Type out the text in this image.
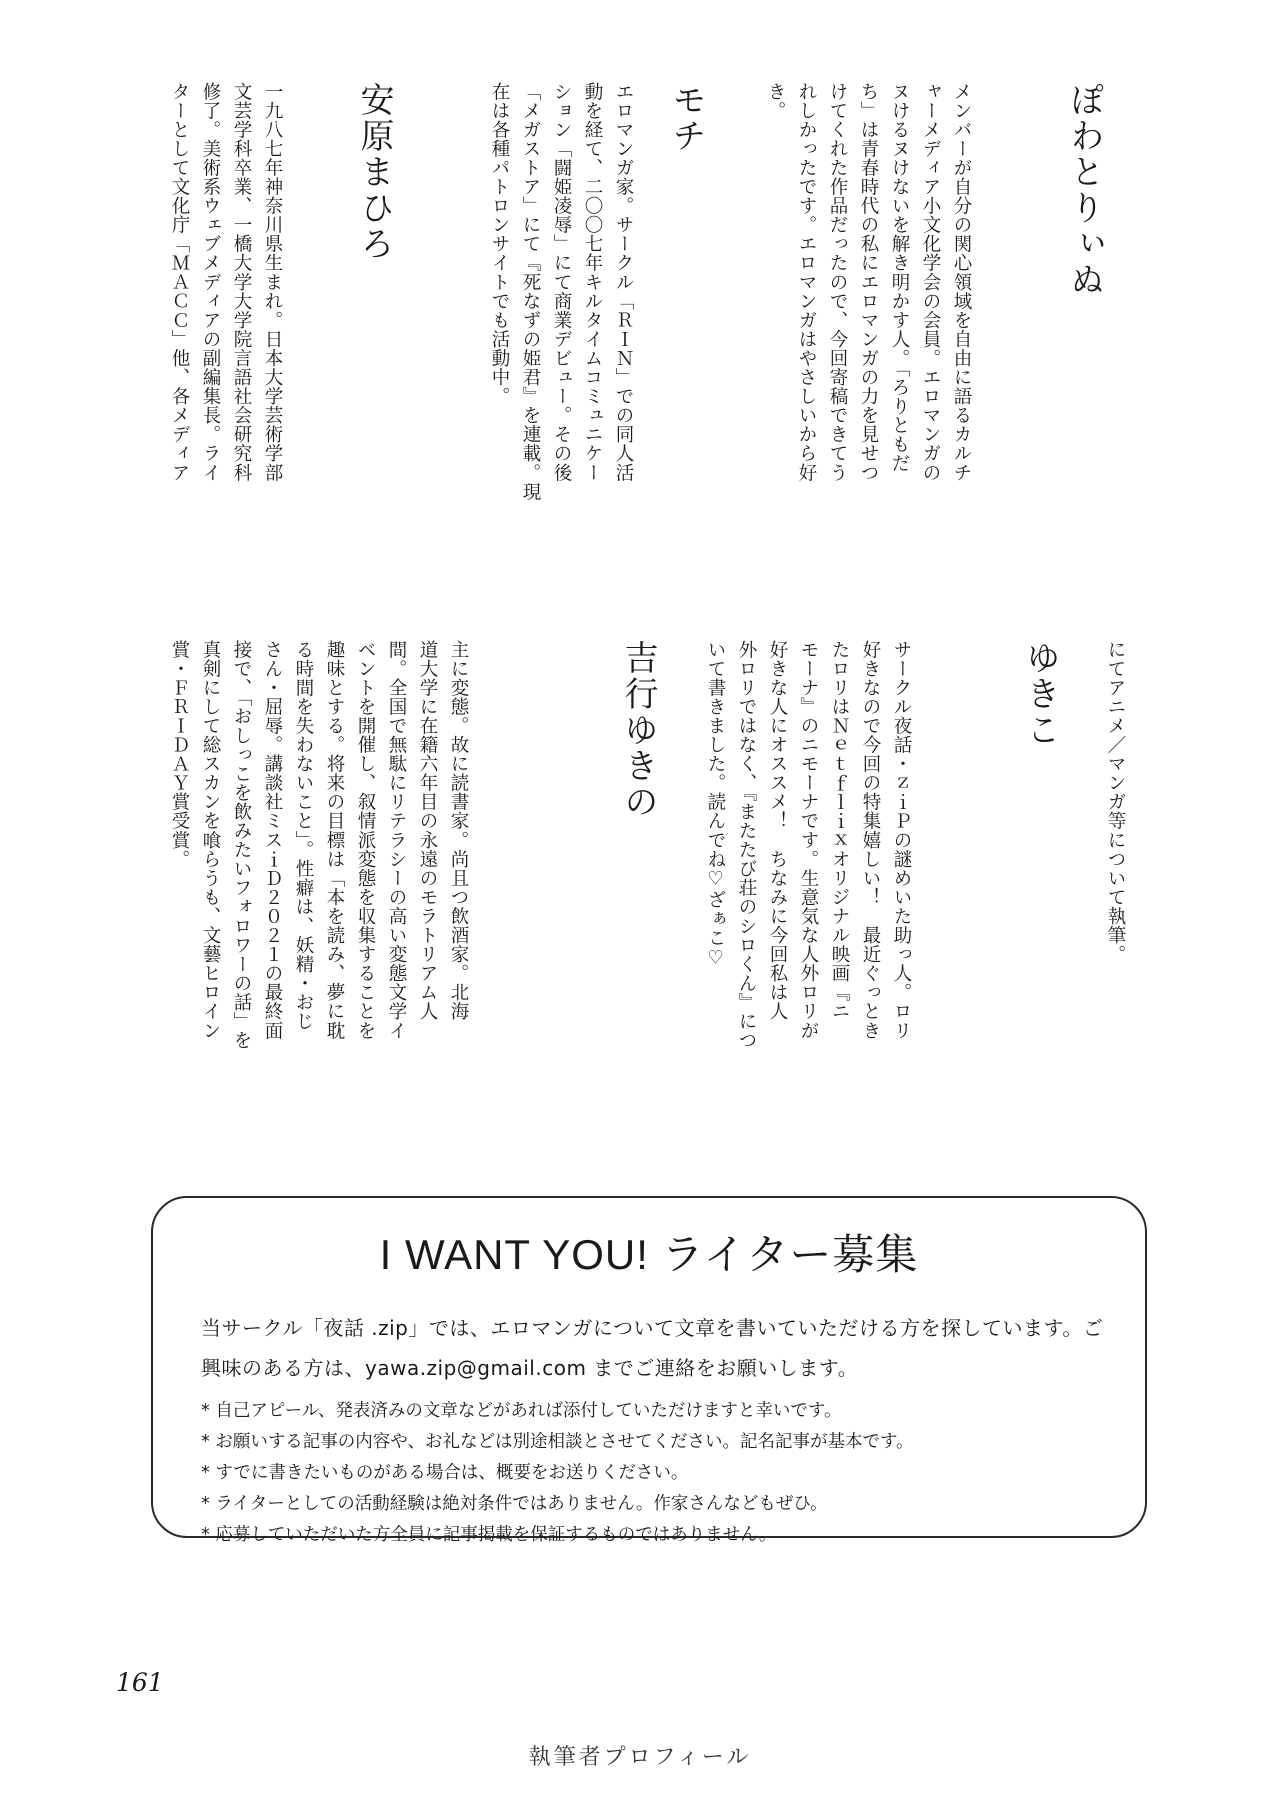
ぽわとりぃぬ
メンバーが自分の関心領域を自由に語るカルチ
ャーメディア小文化学会の会員。エロマンガの
ヌけるヌけないを解き明かす人。「ろりともだ
ち」は青春時代の私にエロマンガの力を見せつ
けてくれた作品だったので、今回寄稿できてう
れしかったです。エロマンガはやさしいから好
き。
モチ
エロマンガ家。サークル「ＲＩＮ」での同人活
動を経て、二〇〇七年キルタイムコミュニケー
ション「闘姫凌辱」にて商業デビュー。その後
「メガストア」にて『死なずの姫君』を連載。現
在は各種パトロンサイトでも活動中。
安原まひろ
一九八七年神奈川県生まれ。日本大学芸術学部
文芸学科卒業、一橋大学大学院言語社会研究科
修了。美術系ウェブメディアの副編集長。ライ
ターとして文化庁「ＭＡＣＣ」他、各メディア
にてアニメ／マンガ等について執筆。
ゆきこ
サークル夜話・ｚｉＰの謎めいた助っ人。ロリ
好きなので今回の特集嬉しい！　最近ぐっとき
たロリはＮｅｔｆｌｉｘオリジナル映画『ニ
モーナ』のニモーナです。生意気な人外ロリが
好きな人にオススメ！　ちなみに今回私は人
外ロリではなく、『またたび荘のシロくん』につ
いて書きました。読んでね♡ざぁこ♡
吉行ゆきの
主に変態。故に読書家。尚且つ飲酒家。北海
道大学に在籍六年目の永遠のモラトリアム人
間。全国で無駄にリテラシーの高い変態文学イ
ベントを開催し、叙情派変態を収集することを
趣味とする。将来の目標は「本を読み、夢に耽
る時間を失わないこと」。性癖は、妖精・おじ
さん・屈辱。講談社ミスｉＤ２０２１の最終面
接で、「おしっこを飲みたいフォロワーの話」を
真剣にして総スカンを喰らうも、文藝ヒロイン
賞・ＦＲＩＤＡＹ賞受賞。
I WANT YOU! ライター募集
当サークル「夜話 .zip」では、エロマンガについて文章を書いていただける方を探しています。ご興味のある方は、yawa.zip@gmail.com までご連絡をお願いします。
* 自己アピール、発表済みの文章などがあれば添付していただけますと幸いです。
* お願いする記事の内容や、お礼などは別途相談とさせてください。記名記事が基本です。
* すでに書きたいものがある場合は、概要をお送りください。
* ライターとしての活動経験は絶対条件ではありません。作家さんなどもぜひ。
* 応募していただいた方全員に記事掲載を保証するものではありません。
161
執筆者プロフィール
